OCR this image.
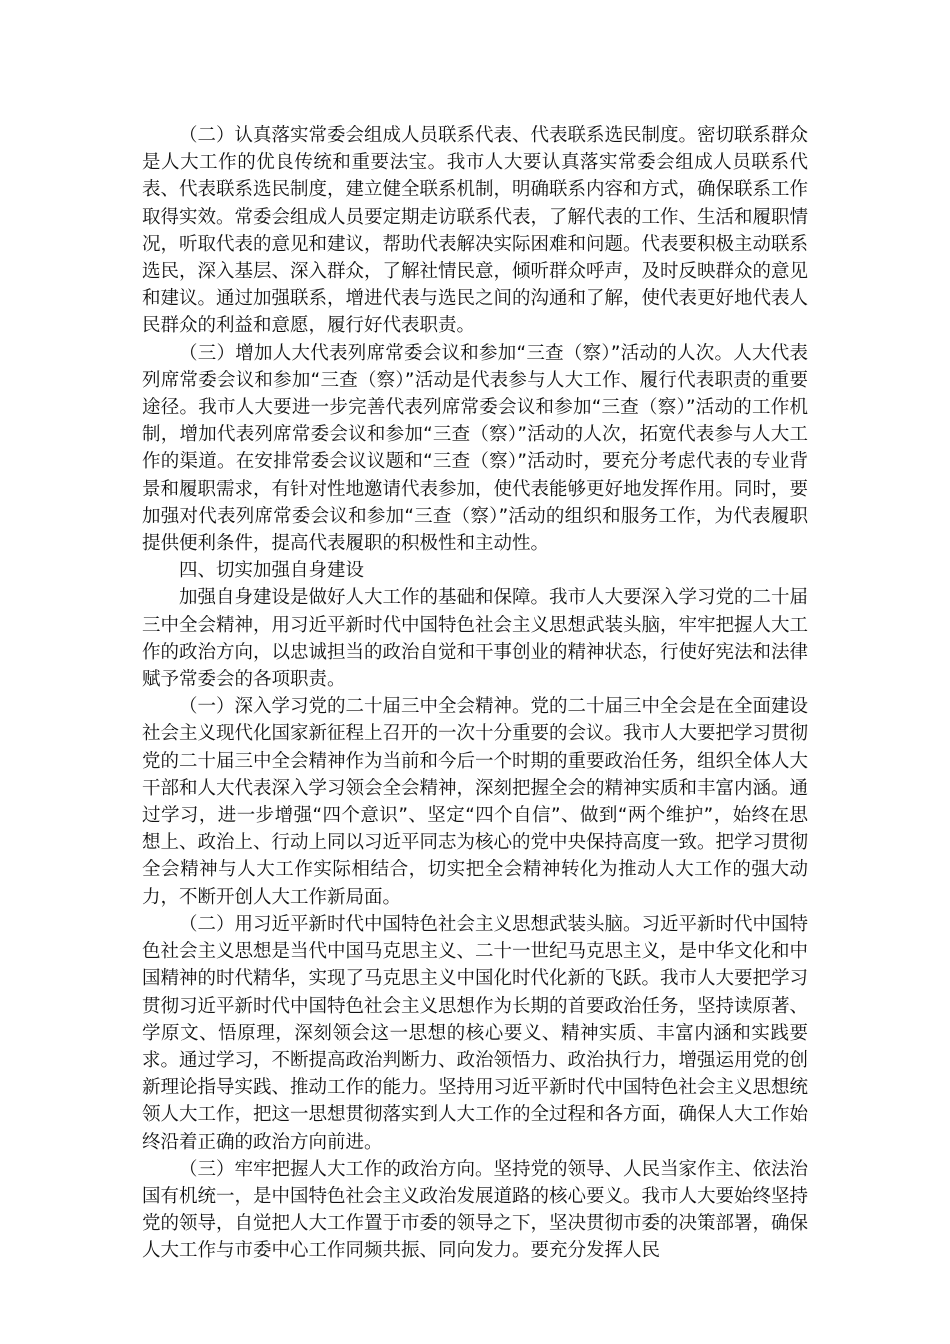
（二）认真落实常委会组成人员联系代表、代表联系选民制度。密切联系群众是人大工作的优良传统和重要法宝。我市人大要认真落实常委会组成人员联系代表、代表联系选民制度，建立健全联系机制，明确联系内容和方式，确保联系工作取得实效。常委会组成人员要定期走访联系代表，了解代表的工作、生活和履职情况，听取代表的意见和建议，帮助代表解决实际困难和问题。代表要积极主动联系选民，深入基层、深入群众，了解社情民意，倾听群众呼声，及时反映群众的意见和建议。通过加强联系，增进代表与选民之间的沟通和了解，使代表更好地代表人民群众的利益和意愿，履行好代表职责。

（三）增加人大代表列席常委会议和参加“三查（察）”活动的人次。人大代表列席常委会议和参加“三查（察）”活动是代表参与人大工作、履行代表职责的重要途径。我市人大要进一步完善代表列席常委会议和参加“三查（察）”活动的工作机制，增加代表列席常委会议和参加“三查（察）”活动的人次，拓宽代表参与人大工作的渠道。在安排常委会议议题和“三查（察）”活动时，要充分考虑代表的专业背景和履职需求，有针对性地邀请代表参加，使代表能够更好地发挥作用。同时，要加强对代表列席常委会议和参加“三查（察）”活动的组织和服务工作，为代表履职提供便利条件，提高代表履职的积极性和主动性。

四、切实加强自身建设

加强自身建设是做好人大工作的基础和保障。我市人大要深入学习党的二十届三中全会精神，用习近平新时代中国特色社会主义思想武装头脑，牢牢把握人大工作的政治方向，以忠诚担当的政治自觉和干事创业的精神状态，行使好宪法和法律赋予常委会的各项职责。

（一）深入学习党的二十届三中全会精神。党的二十届三中全会是在全面建设社会主义现代化国家新征程上召开的一次十分重要的会议。我市人大要把学习贯彻党的二十届三中全会精神作为当前和今后一个时期的重要政治任务，组织全体人大干部和人大代表深入学习领会全会精神，深刻把握全会的精神实质和丰富内涵。通过学习，进一步增强“四个意识”、坚定“四个自信”、做到“两个维护”，始终在思想上、政治上、行动上同以习近平同志为核心的党中央保持高度一致。把学习贯彻全会精神与人大工作实际相结合，切实把全会精神转化为推动人大工作的强大动力，不断开创人大工作新局面。

（二）用习近平新时代中国特色社会主义思想武装头脑。习近平新时代中国特色社会主义思想是当代中国马克思主义、二十一世纪马克思主义，是中华文化和中国精神的时代精华，实现了马克思主义中国化时代化新的飞跃。我市人大要把学习贯彻习近平新时代中国特色社会主义思想作为长期的首要政治任务，坚持读原著、学原文、悟原理，深刻领会这一思想的核心要义、精神实质、丰富内涵和实践要求。通过学习，不断提高政治判断力、政治领悟力、政治执行力，增强运用党的创新理论指导实践、推动工作的能力。坚持用习近平新时代中国特色社会主义思想统领人大工作，把这一思想贯彻落实到人大工作的全过程和各方面，确保人大工作始终沿着正确的政治方向前进。

（三）牢牢把握人大工作的政治方向。坚持党的领导、人民当家作主、依法治国有机统一，是中国特色社会主义政治发展道路的核心要义。我市人大要始终坚持党的领导，自觉把人大工作置于市委的领导之下，坚决贯彻市委的决策部署，确保人大工作与市委中心工作同频共振、同向发力。要充分发挥人民
